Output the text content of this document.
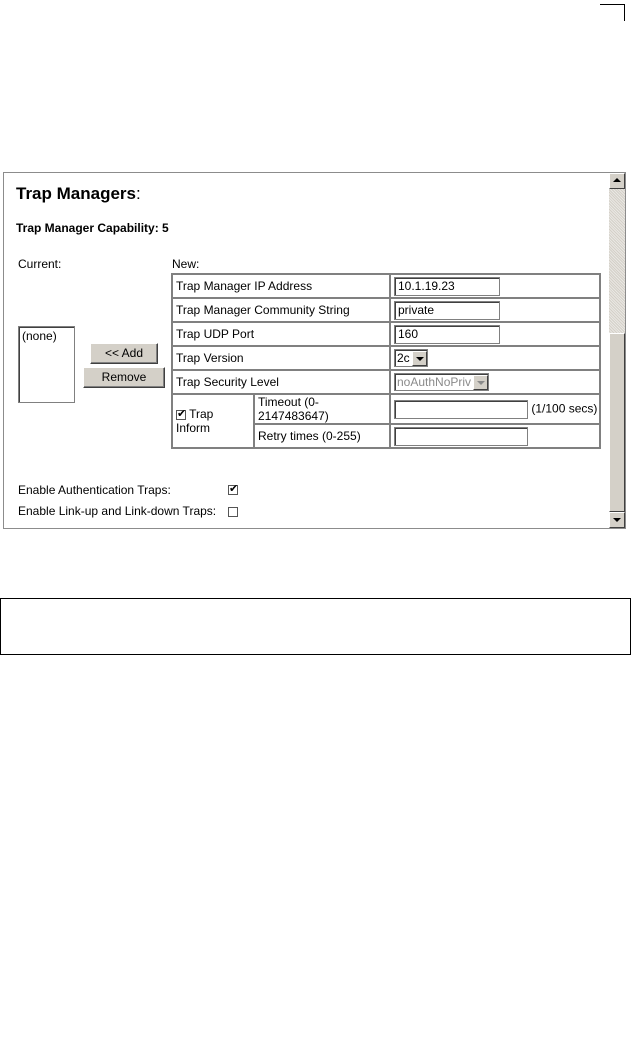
Trap Managers:
Trap Manager Capability: 5
Current:	New:
(none)
<< Add
Remove
Trap Manager IP Address		10.1.19.23
Trap Manager Community String		private
Trap UDP Port		160
Trap Version		2c

Trap Security Level		noAuthNoPriv

✔ Trap Inform	Timeout (0-2147483647)	(1/100 secs)
	Retry times (0-255)	
Enable Authentication Traps:
✔
Enable Link-up and Link-down Traps:
